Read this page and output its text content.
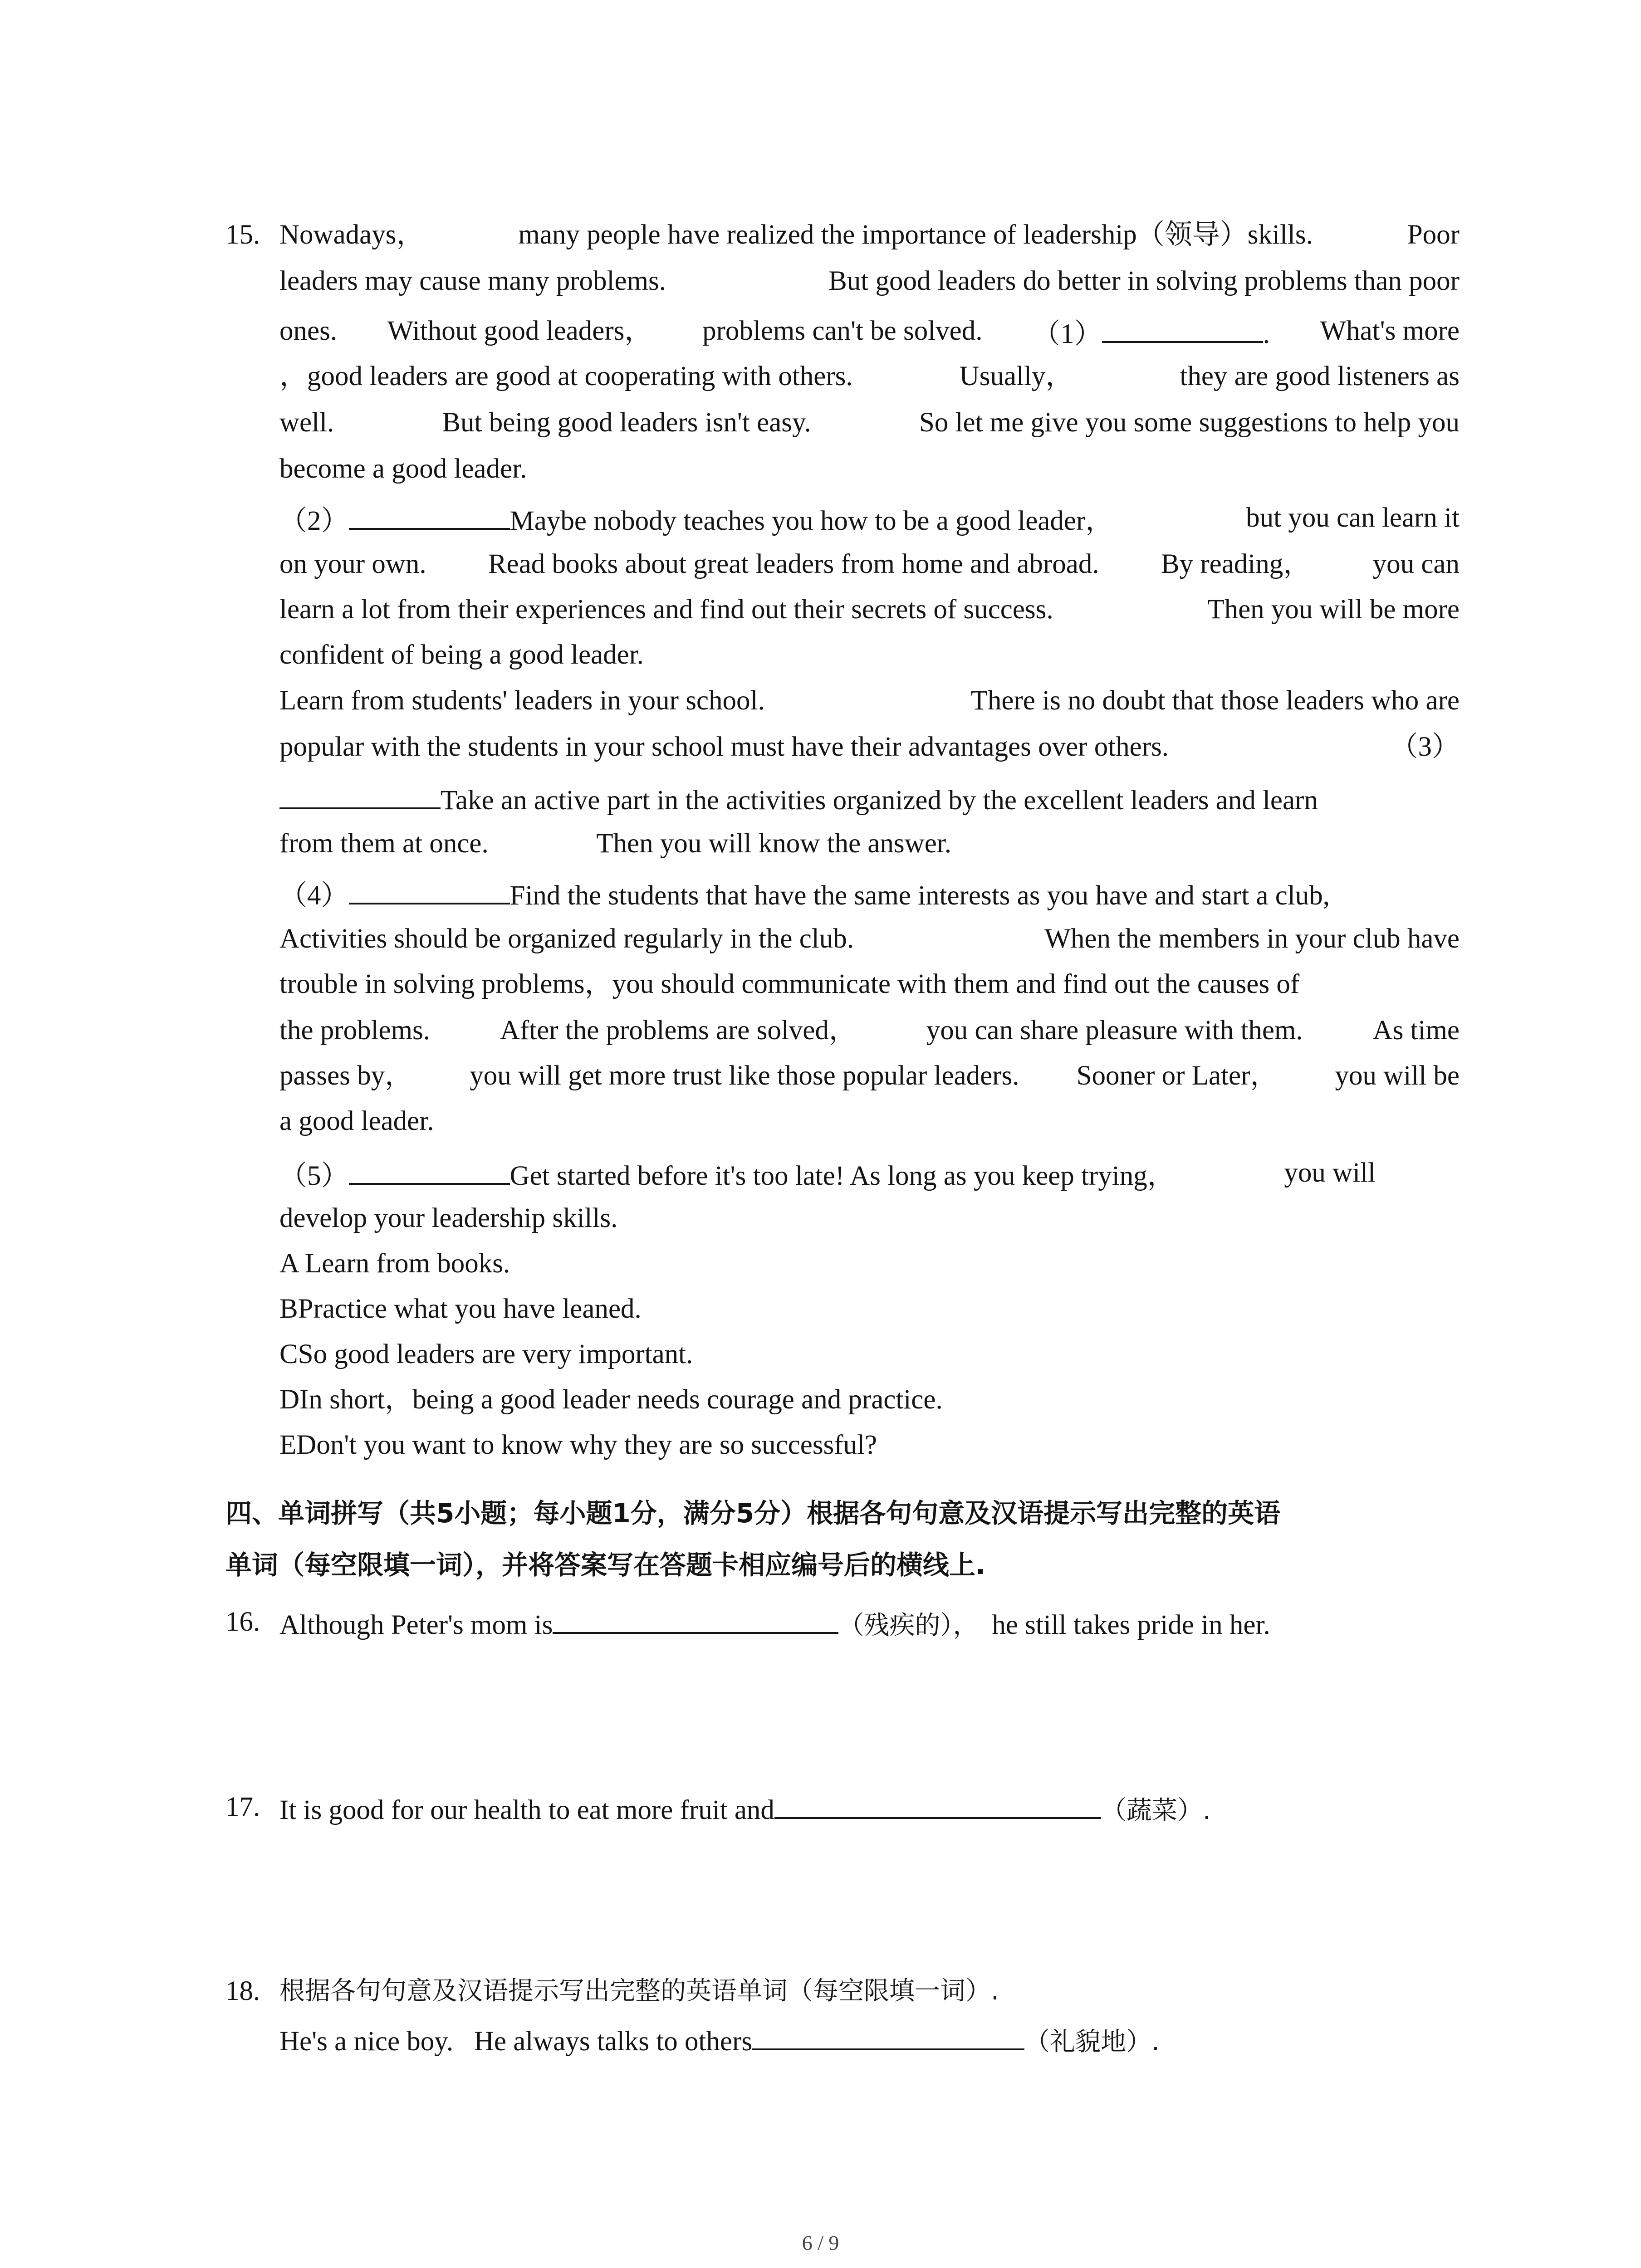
15. Nowadays，	many people have realized the importance of leadership（领导）skills.	Poor
leaders may cause many problems.	But good leaders do better in solving problems than poor
ones. Without good leaders， problems can't be solved. （1）	. What's more
，good leaders are good at cooperating with others.	Usually，	they are good listeners as
well.	But being good leaders isn't easy.	So let me give you some suggestions to help you
become a good leader.
（2）	Maybe nobody teaches you how to be a good leader，	but you can learn it
on your own. Read books about great leaders from home and abroad. By reading， you can
learn a lot from their experiences and find out their secrets of success.	Then you will be more
confident of being a good leader.
Learn from students' leaders in your school.	There is no doubt that those leaders who are
popular with the students in your school must have their advantages over others.	（3）
Take an active part in the activities organized by the excellent leaders and learn
from them at once.	Then you will know the answer.
（4）	Find the students that have the same interests as you have and start a club,
Activities should be organized regularly in the club.	When the members in your club have
trouble in solving problems，you should communicate with them and find out the causes of
the problems.	After the problems are solved，	you can share pleasure with them.	As time
passes by， you will get more trust like those popular leaders. Sooner or Later， you will be
a good leader.
（5）	Get started before it's too late! As long as you keep trying，	you will
develop your leadership skills.
A Learn from books.
BPractice what you have leaned.
CSo good leaders are very important.
DIn short，being a good leader needs courage and practice.
EDon't you want to know why they are so successful?
四、单词拼写（共5小题；每小题1分，满分5分）根据各句句意及汉语提示写出完整的英语
单词（每空限填一词），并将答案写在答题卡相应编号后的横线上.
16. Although Peter's mom is	（残疾的）， he still takes pride in her.
17. It is good for our health to eat more fruit and	（蔬菜）.
18. 根据各句句意及汉语提示写出完整的英语单词（每空限填一词）.
He's a nice boy.   He always talks to others	（礼貌地）.
6 / 9
